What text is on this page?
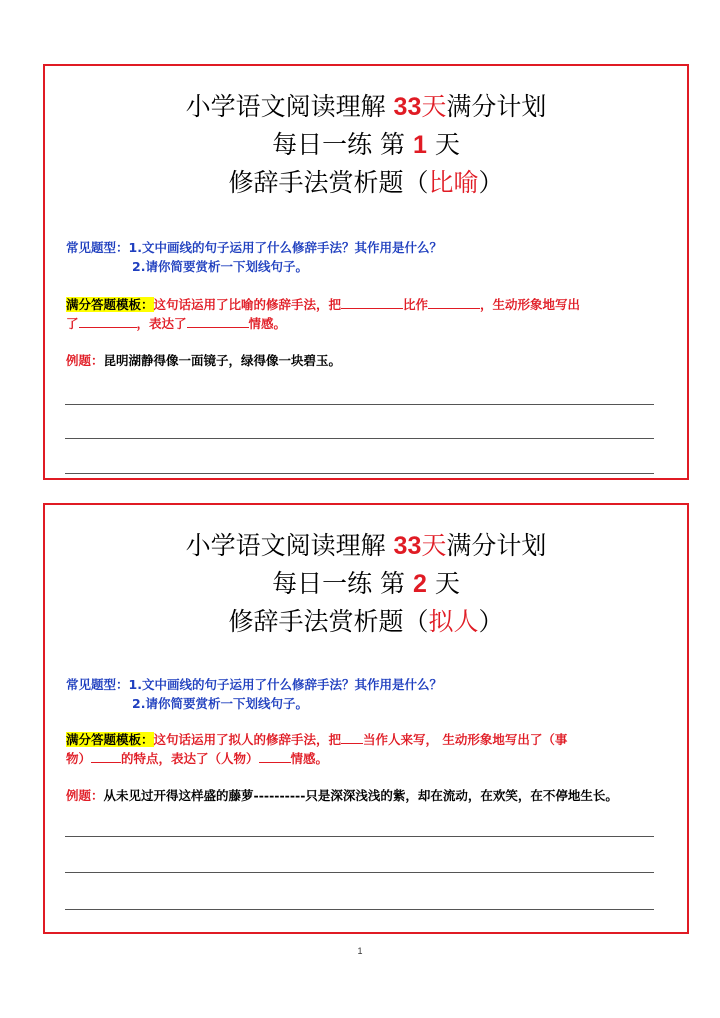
小学语文阅读理解 33天满分计划
每日一练 第 1 天
修辞手法赏析题（比喻）
常见题型：1.文中画线的句子运用了什么修辞手法？其作用是什么？
2.请你简要赏析一下划线句子。
满分答题模板：这句话运用了比喻的修辞手法，把	比作	，生动形象地写出
了	，表达了	情感。
例题：昆明湖静得像一面镜子，绿得像一块碧玉。
小学语文阅读理解 33天满分计划
每日一练 第 2 天
修辞手法赏析题（拟人）
常见题型：1.文中画线的句子运用了什么修辞手法？其作用是什么？
2.请你简要赏析一下划线句子。
满分答题模板：这句话运用了拟人的修辞手法，把 当作人来写， 生动形象地写出了（事
物） 的特点，表达了（人物）	情感。
例题：从未见过开得这样盛的藤萝----------只是深深浅浅的紫，却在流动，在欢笑，在不停地生长。
1
